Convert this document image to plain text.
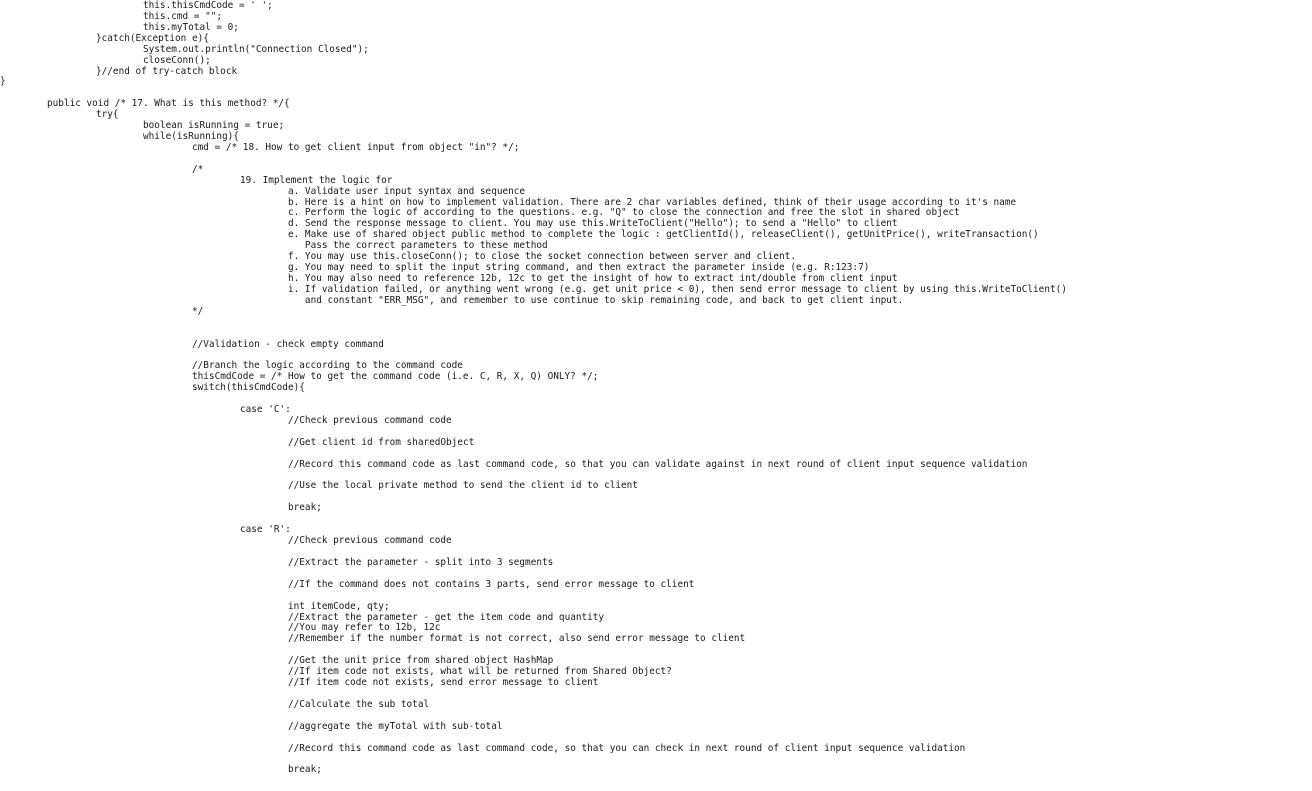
this.thisCmdCode = ' ';
this.cmd = "";
this.myTotal = 0;
}catch(Exception e){
System.out.println("Connection Closed");
closeConn();
}//end of try-catch block
}
public void /* 17. What is this method? */{
try{
boolean isRunning = true;
while(isRunning){
cmd = /* 18. How to get client input from object "in"? */;
/*
19. Implement the logic for
a. Validate user input syntax and sequence
b. Here is a hint on how to implement validation. There are 2 char variables defined, think of their usage according to it's name
c. Perform the logic of according to the questions. e.g. "Q" to close the connection and free the slot in shared object
d. Send the response message to client. You may use this.WriteToClient("Hello"); to send a "Hello" to client
e. Make use of shared object public method to complete the logic : getClientId(), releaseClient(), getUnitPrice(), writeTransaction()
Pass the correct parameters to these method
f. You may use this.closeConn(); to close the socket connection between server and client.
g. You may need to split the input string command, and then extract the parameter inside (e.g. R:123:7)
h. You may also need to reference 12b, 12c to get the insight of how to extract int/double from client input
i. If validation failed, or anything went wrong (e.g. get unit price < 0), then send error message to client by using this.WriteToClient()
and constant "ERR_MSG", and remember to use continue to skip remaining code, and back to get client input.
*/
//Validation - check empty command
//Branch the logic according to the command code
thisCmdCode = /* How to get the command code (i.e. C, R, X, Q) ONLY? */;
switch(thisCmdCode){
case 'C':
//Check previous command code
//Get client id from sharedObject
//Record this command code as last command code, so that you can validate against in next round of client input sequence validation
//Use the local private method to send the client id to client
break;
case 'R':
//Check previous command code
//Extract the parameter - split into 3 segments
//If the command does not contains 3 parts, send error message to client
int itemCode, qty;
//Extract the parameter - get the item code and quantity
//You may refer to 12b, 12c
//Remember if the number format is not correct, also send error message to client
//Get the unit price from shared object HashMap
//If item code not exists, what will be returned from Shared Object?
//If item code not exists, send error message to client
//Calculate the sub total
//aggregate the myTotal with sub-total
//Record this command code as last command code, so that you can check in next round of client input sequence validation
break;
